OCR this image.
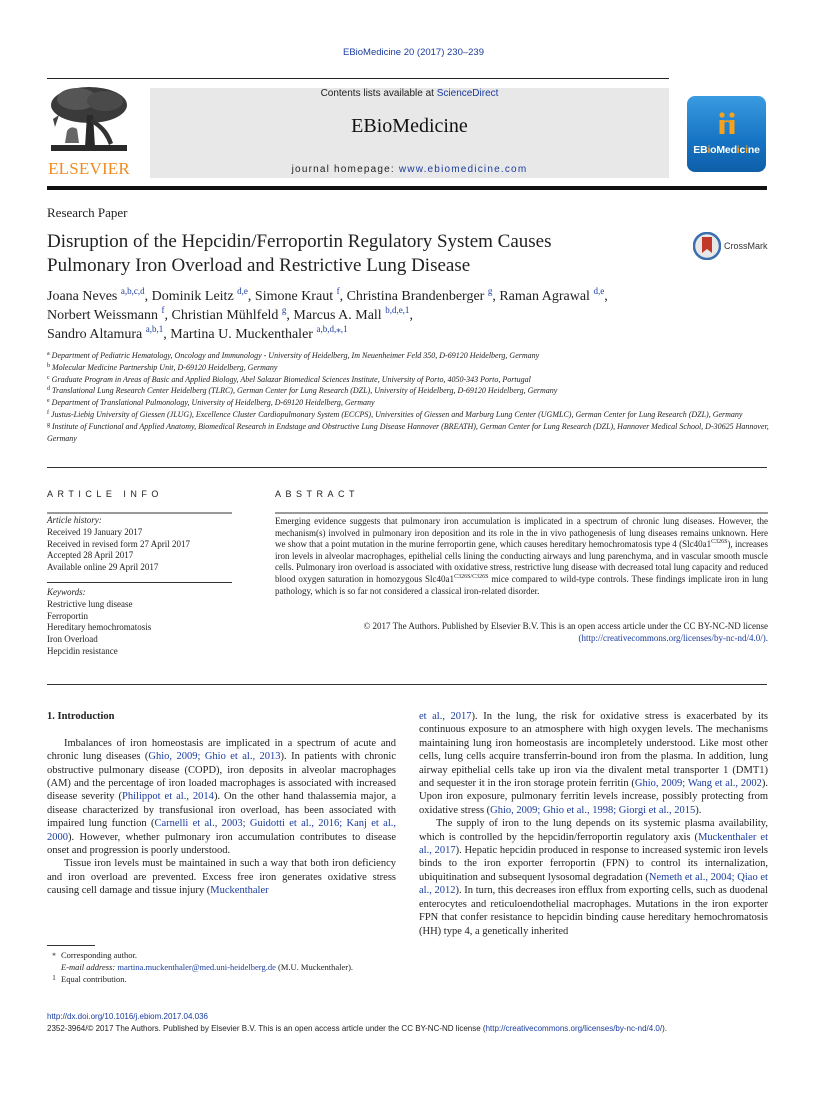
EBioMedicine 20 (2017) 230–239
ELSEVIER
Contents lists available at ScienceDirect
EBioMedicine
journal homepage: www.ebiomedicine.com
EBioMedicine
Research Paper
Disruption of the Hepcidin/Ferroportin Regulatory System Causes
Pulmonary Iron Overload and Restrictive Lung Disease
CrossMark
Joana Neves $^{a,b,c,d}$, Dominik Leitz $^{d,e}$, Simone Kraut $^f$, Christina Brandenberger $^g$, Raman Agrawal $^{d,e}$,
Norbert Weissmann $^f$, Christian Mühlfeld $^g$, Marcus A. Mall $^{b,d,e,1}$,
Sandro Altamura $^{a,b,1}$, Martina U. Muckenthaler $^{a,b,d,⁎,1}$
$^a$ Department of Pediatric Hematology, Oncology and Immunology - University of Heidelberg, Im Neuenheimer Feld 350, D-69120 Heidelberg, Germany
$^b$ Molecular Medicine Partnership Unit, D-69120 Heidelberg, Germany
$^c$ Graduate Program in Areas of Basic and Applied Biology, Abel Salazar Biomedical Sciences Institute, University of Porto, 4050-343 Porto, Portugal
$^d$ Translational Lung Research Center Heidelberg (TLRC), German Center for Lung Research (DZL), University of Heidelberg, D-69120 Heidelberg, Germany
$^e$ Department of Translational Pulmonology, University of Heidelberg, D-69120 Heidelberg, Germany
$^f$ Justus-Liebig University of Giessen (JLUG), Excellence Cluster Cardiopulmonary System (ECCPS), Universities of Giessen and Marburg Lung Center (UGMLC), German Center for Lung Research (DZL), Germany
$^g$ Institute of Functional and Applied Anatomy, Biomedical Research in Endstage and Obstructive Lung Disease Hannover (BREATH), German Center for Lung Research (DZL), Hannover Medical School, D-30625 Hannover, Germany
ARTICLE INFO
Article history:
Received 19 January 2017
Received in revised form 27 April 2017
Accepted 28 April 2017
Available online 29 April 2017
Keywords:
Restrictive lung disease
Ferroportin
Hereditary hemochromatosis
Iron Overload
Hepcidin resistance
ABSTRACT
Emerging evidence suggests that pulmonary iron accumulation is implicated in a spectrum of chronic lung diseases. However, the mechanism(s) involved in pulmonary iron deposition and its role in the in vivo pathogenesis of lung diseases remains unknown. Here we show that a point mutation in the murine ferroportin gene, which causes hereditary hemochromatosis type 4 $(Slc40a1^{C326S})$, increases iron levels in alveolar macrophages, epithelial cells lining the conducting airways and lung parenchyma, and in vascular smooth muscle cells. Pulmonary iron overload is associated with oxidative stress, restrictive lung disease with decreased total lung capacity and reduced blood oxygen saturation in homozygous $Slc40a1^{C326S/C326S}$ mice compared to wild-type controls. These findings implicate iron in lung pathology, which is so far not considered a classical iron-related disorder.
© 2017 The Authors. Published by Elsevier B.V. This is an open access article under the CC BY-NC-ND license
(http://creativecommons.org/licenses/by-nc-nd/4.0/).
1. Introduction

Imbalances of iron homeostasis are implicated in a spectrum of acute and chronic lung diseases (Ghio, 2009; Ghio et al., 2013). In patients with chronic obstructive pulmonary disease (COPD), iron deposits in alveolar macrophages (AM) and the percentage of iron loaded macrophages is associated with increased disease severity (Philippot et al., 2014). On the other hand thalassemia major, a disease characterized by transfusional iron overload, has been associated with impaired lung function (Carnelli et al., 2003; Guidotti et al., 2016; Kanj et al., 2000). However, whether pulmonary iron accumulation contributes to disease onset and progression is poorly understood.

Tissue iron levels must be maintained in such a way that both iron deficiency and iron overload are prevented. Excess free iron generates oxidative stress causing cell damage and tissue injury (Muckenthaler

et al., 2017). In the lung, the risk for oxidative stress is exacerbated by its continuous exposure to an atmosphere with high oxygen levels. The mechanisms maintaining lung iron homeostasis are incompletely understood. Like most other cells, lung cells acquire transferrin-bound iron from the plasma. In addition, lung airway epithelial cells take up iron via the divalent metal transporter 1 (DMT1) and sequester it in the iron storage protein ferritin (Ghio, 2009; Wang et al., 2002). Upon iron exposure, pulmonary ferritin levels increase, possibly protecting from oxidative stress (Ghio, 2009; Ghio et al., 1998; Giorgi et al., 2015).

The supply of iron to the lung depends on its systemic plasma availability, which is controlled by the hepcidin/ferroportin regulatory axis (Muckenthaler et al., 2017). Hepatic hepcidin produced in response to increased systemic iron levels binds to the iron exporter ferroportin (FPN) to control its internalization, ubiquitination and subsequent lysosomal degradation (Nemeth et al., 2004; Qiao et al., 2012). In turn, this decreases iron efflux from exporting cells, such as duodenal enterocytes and reticuloendothelial macrophages. Mutations in the iron exporter FPN that confer resistance to hepcidin binding cause hereditary hemochromatosis (HH) type 4, a genetically inherited

⁎ Corresponding author.
E-mail address: martina.muckenthaler@med.uni-heidelberg.de (M.U. Muckenthaler).
1 Equal contribution.
http://dx.doi.org/10.1016/j.ebiom.2017.04.036
2352-3964/© 2017 The Authors. Published by Elsevier B.V. This is an open access article under the CC BY-NC-ND license (http://creativecommons.org/licenses/by-nc-nd/4.0/).
